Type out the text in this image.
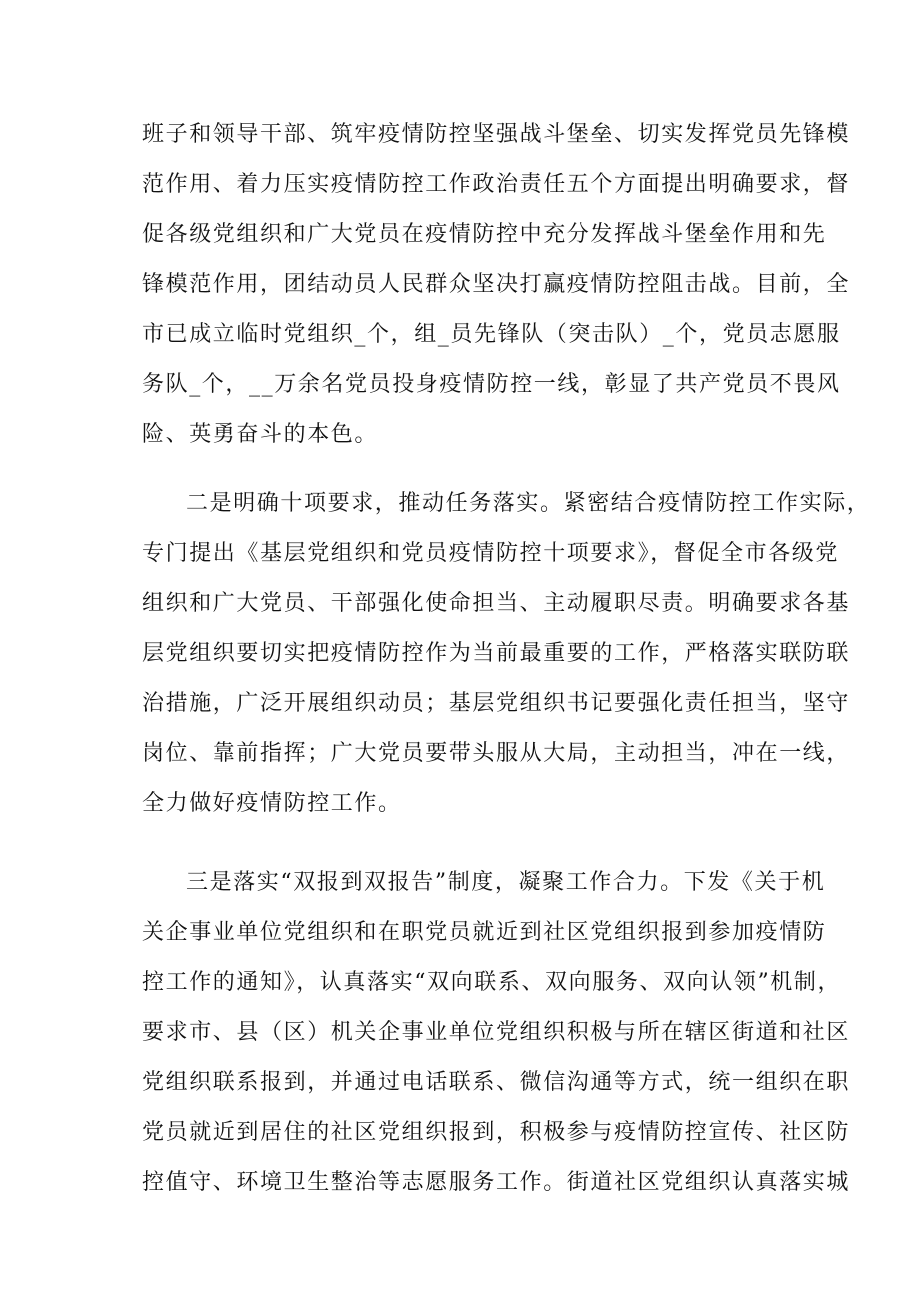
班子和领导干部、筑牢疫情防控坚强战斗堡垒、切实发挥党员先锋模
范作用、着力压实疫情防控工作政治责任五个方面提出明确要求，督
促各级党组织和广大党员在疫情防控中充分发挥战斗堡垒作用和先
锋模范作用，团结动员人民群众坚决打赢疫情防控阻击战。目前，全
市已成立临时党组织_个，组_员先锋队（突击队）_个，党员志愿服
务队_个，__万余名党员投身疫情防控一线，彰显了共产党员不畏风
险、英勇奋斗的本色。
二是明确十项要求，推动任务落实。紧密结合疫情防控工作实际，
专门提出《基层党组织和党员疫情防控十项要求》，督促全市各级党
组织和广大党员、干部强化使命担当、主动履职尽责。明确要求各基
层党组织要切实把疫情防控作为当前最重要的工作，严格落实联防联
治措施，广泛开展组织动员；基层党组织书记要强化责任担当，坚守
岗位、靠前指挥；广大党员要带头服从大局，主动担当，冲在一线，
全力做好疫情防控工作。
三是落实“双报到双报告”制度，凝聚工作合力。下发《关于机
关企事业单位党组织和在职党员就近到社区党组织报到参加疫情防
控工作的通知》，认真落实“双向联系、双向服务、双向认领”机制，
要求市、县（区）机关企事业单位党组织积极与所在辖区街道和社区
党组织联系报到，并通过电话联系、微信沟通等方式，统一组织在职
党员就近到居住的社区党组织报到，积极参与疫情防控宣传、社区防
控值守、环境卫生整治等志愿服务工作。街道社区党组织认真落实城
